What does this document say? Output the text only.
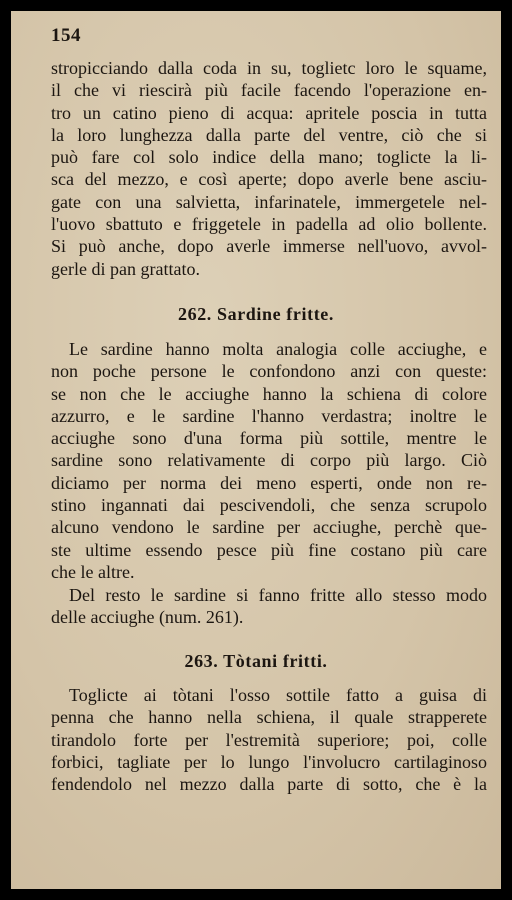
154
stropicciando dalla coda in su, toglietc loro le squame,
il che vi riescirà più facile facendo l'operazione en-
tro un catino pieno di acqua: apritele poscia in tutta
la loro lunghezza dalla parte del ventre, ciò che si
può fare col solo indice della mano; toglicte la li-
sca del mezzo, e così aperte; dopo averle bene asciu-
gate con una salvietta, infarinatele, immergetele nel-
l'uovo sbattuto e friggetele in padella ad olio bollente.
Si può anche, dopo averle immerse nell'uovo, avvol-
gerle di pan grattato.
262. Sardine fritte.
Le sardine hanno molta analogia colle acciughe, e
non poche persone le confondono anzi con queste:
se non che le acciughe hanno la schiena di colore
azzurro, e le sardine l'hanno verdastra; inoltre le
acciughe sono d'una forma più sottile, mentre le
sardine sono relativamente di corpo più largo. Ciò
diciamo per norma dei meno esperti, onde non re-
stino ingannati dai pescivendoli, che senza scrupolo
alcuno vendono le sardine per acciughe, perchè que-
ste ultime essendo pesce più fine costano più care
che le altre.
Del resto le sardine si fanno fritte allo stesso modo
delle acciughe (num. 261).
263. Tòtani fritti.
Toglicte ai tòtani l'osso sottile fatto a guisa di
penna che hanno nella schiena, il quale strapperete
tirandolo forte per l'estremità superiore; poi, colle
forbici, tagliate per lo lungo l'involucro cartilaginoso
fendendolo nel mezzo dalla parte di sotto, che è la
